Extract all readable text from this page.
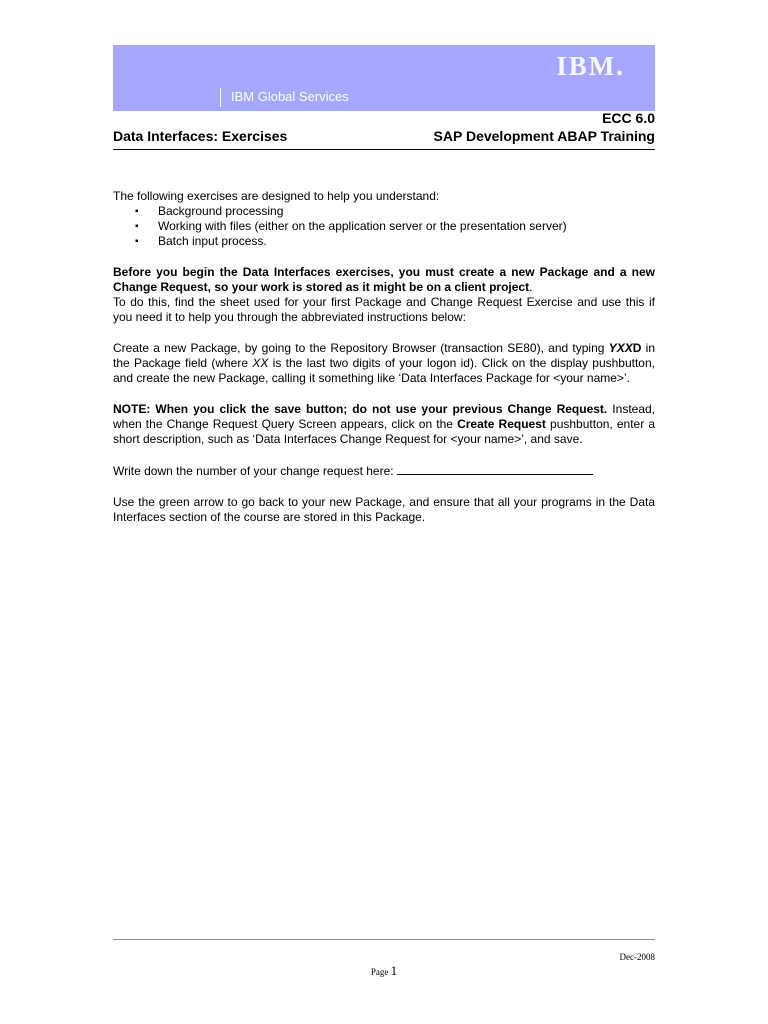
IBM.
IBM Global Services
ECC 6.0
Data Interfaces: Exercises	SAP Development ABAP Training

The following exercises are designed to help you understand:

▪ Background processing
▪ Working with files (either on the application server or the presentation server)
▪ Batch input process.

Before you begin the Data Interfaces exercises, you must create a new Package and a new Change Request, so your work is stored as it might be on a client project.

To do this, find the sheet used for your first Package and Change Request Exercise and use this if you need it to help you through the abbreviated instructions below:

Create a new Package, by going to the Repository Browser (transaction SE80), and typing YXXD in the Package field (where XX is the last two digits of your logon id). Click on the display pushbutton, and create the new Package, calling it something like ‘Data Interfaces Package for <your name>’.

NOTE: When you click the save button; do not use your previous Change Request. Instead, when the Change Request Query Screen appears, click on the Create Request pushbutton, enter a short description, such as ‘Data Interfaces Change Request for <your name>’, and save.

Write down the number of your change request here:

Use the green arrow to go back to your new Package, and ensure that all your programs in the Data Interfaces section of the course are stored in this Package.

Dec-2008
Page 1
